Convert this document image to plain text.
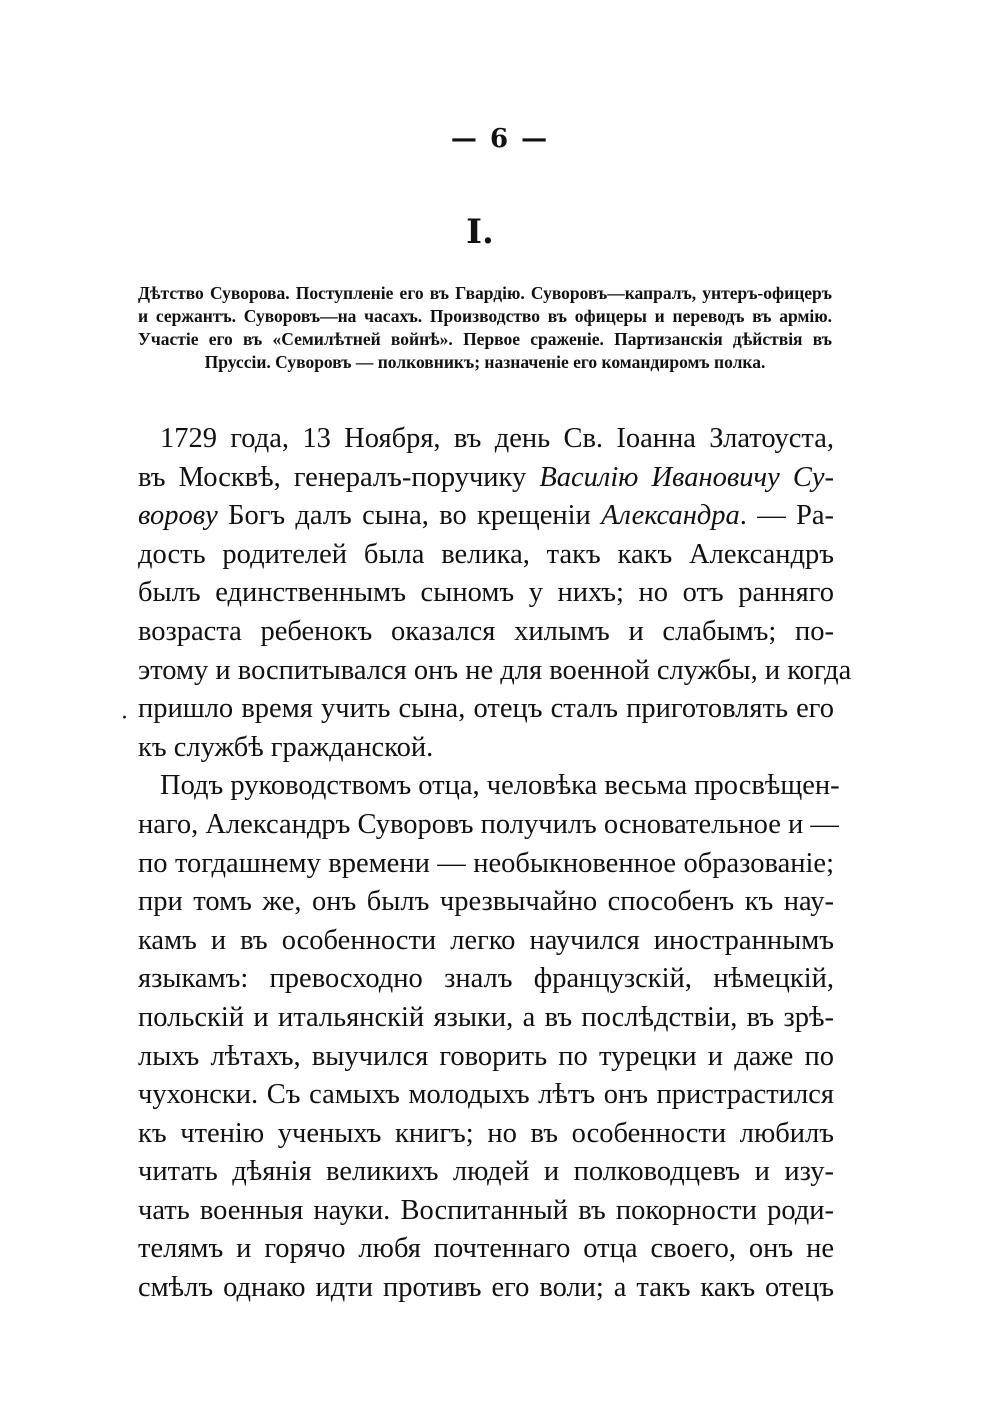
— 6 —
I.
Дѣтство Суворова. Поступленіе его въ Гвардію. Суворовъ—капралъ, унтеръ-офицеръ и сержантъ. Суворовъ—на часахъ. Производство въ офицеры и переводъ въ армію. Участіе его въ «Семилѣтней войнѣ». Первое сраженіе. Партизанскія дѣйствія въ Пруссіи. Суворовъ — полковникъ; назначеніе его командиромъ полка.
·
1729 года, 13 Ноября, въ день Св. Іоанна Златоуста,
въ Москвѣ, генералъ-поручику Василію Ивановичу Су-
ворову Богъ далъ сына, во крещеніи Александра. — Ра-
дость родителей была велика, такъ какъ Александръ
былъ единственнымъ сыномъ у нихъ; но отъ ранняго
возраста ребенокъ оказался хилымъ и слабымъ; по-
этому и воспитывался онъ не для военной службы, и когда
пришло время учить сына, отецъ сталъ приготовлять его
къ службѣ гражданской.
Подъ руководствомъ отца, человѣка весьма просвѣщен-
наго, Александръ Суворовъ получилъ основательное и —
по тогдашнему времени — необыкновенное образованіе;
при томъ же, онъ былъ чрезвычайно способенъ къ нау-
камъ и въ особенности легко научился иностраннымъ
языкамъ: превосходно зналъ французскій, нѣмецкій,
польскій и итальянскій языки, а въ послѣдствіи, въ зрѣ-
лыхъ лѣтахъ, выучился говорить по турецки и даже по
чухонски. Съ самыхъ молодыхъ лѣтъ онъ пристрастился
къ чтенію ученыхъ книгъ; но въ особенности любилъ
читать дѣянія великихъ людей и полководцевъ и изу-
чать военныя науки. Воспитанный въ покорности роди-
телямъ и горячо любя почтеннаго отца своего, онъ не
смѣлъ однако идти противъ его воли; а такъ какъ отецъ
